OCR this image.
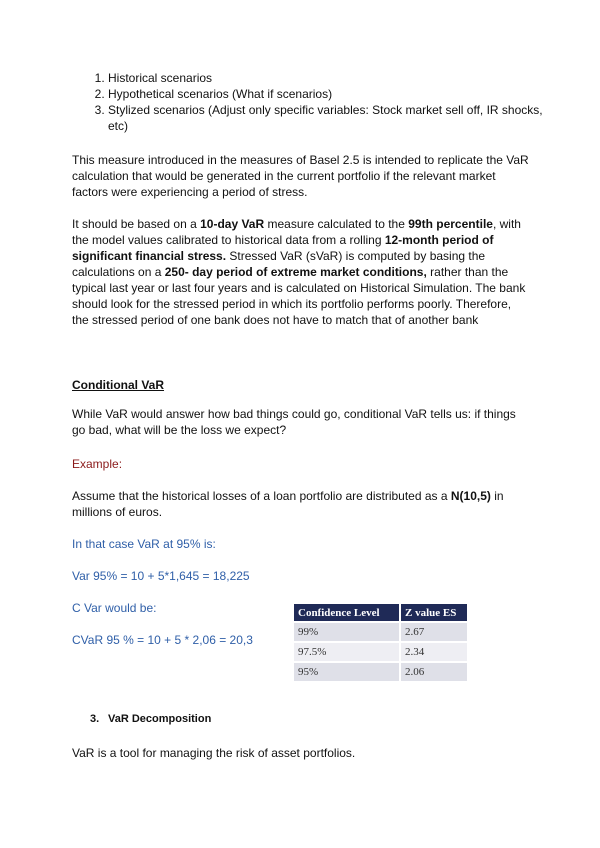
1. Historical scenarios
2. Hypothetical scenarios (What if scenarios)
3. Stylized scenarios (Adjust only specific variables: Stock market sell off, IR shocks, etc)

This measure introduced in the measures of Basel 2.5 is intended to replicate the VaR calculation that would be generated in the current portfolio if the relevant market factors were experiencing a period of stress.

It should be based on a 10-day VaR measure calculated to the 99th percentile, with the model values calibrated to historical data from a rolling 12-month period of significant financial stress. Stressed VaR (sVaR) is computed by basing the calculations on a 250- day period of extreme market conditions, rather than the typical last year or last four years and is calculated on Historical Simulation. The bank should look for the stressed period in which its portfolio performs poorly. Therefore, the stressed period of one bank does not have to match that of another bank

Conditional VaR

While VaR would answer how bad things could go, conditional VaR tells us: if things go bad, what will be the loss we expect?

Example:

Assume that the historical losses of a loan portfolio are distributed as a N(10,5) in millions of euros.

In that case VaR at 95% is:

Var 95% = 10 + 5*1,645 = 18,225

C Var would be:

CVaR 95 % = 10 + 5 * 2,06 = 20,3

Confidence Level	Z value ES
99%	2.67
97.5%	2.34
95%	2.06
3. VaR Decomposition

VaR is a tool for managing the risk of asset portfolios.
